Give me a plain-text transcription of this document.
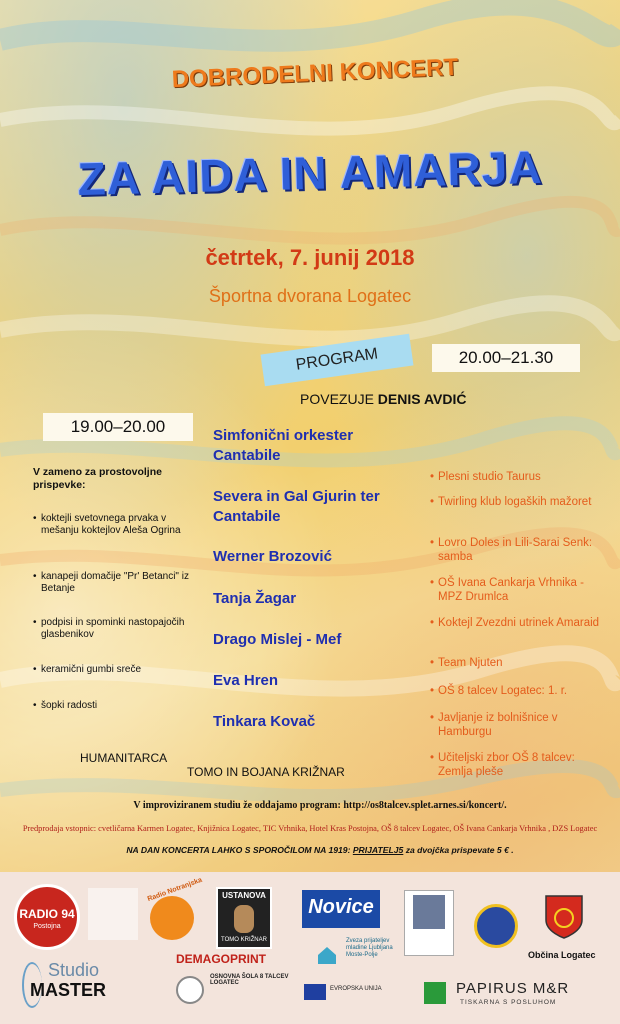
DOBRODELNI KONCERT
ZA AIDA IN AMARJA
četrtek, 7. junij 2018
Športna dvorana Logatec
PROGRAM	20.00–21.30
POVEZUJE DENIS AVDIĆ
19.00–20.00
V zameno za prostovoljne prispevke:
• koktejli svetovnega prvaka v mešanju koktejlov Aleša Ogrina
• kanapeji domačije "Pr' Betanci" iz Betanje
• podpisi in spominki nastopajočih glasbenikov
• keramični gumbi sreče
• šopki radosti
Simfonični orkester Cantabile
Severa in Gal Gjurin ter Cantabile
Werner Brozović
Tanja Žagar
Drago Mislej - Mef
Eva Hren
Tinkara Kovač
• Plesni studio Taurus
• Twirling klub logaških mažoret
• Lovro Doles in Lili-Sarai Senk: samba
• OŠ Ivana Cankarja Vrhnika - MPZ Drumlca
• Koktejl Zvezdni utrinek Amaraid
• Team Njuten
• OŠ 8 talcev Logatec: 1. r.
• Javljanje iz bolnišnice v Hamburgu
• Učiteljski zbor OŠ 8 talcev: Zemlja pleše
HUMANITARCA
TOMO IN BOJANA KRIŽNAR
V improviziranem studiu že oddajamo program: http://os8talcev.splet.arnes.si/koncert/.
Predprodaja vstopnic: cvetličarna Karmen Logatec, Knjižnica Logatec, TIC Vrhnika, Hotel Kras Postojna, OŠ 8 talcev Logatec, OŠ Ivana Cankarja Vrhnika , DZS Logatec
NA DAN KONCERTA LAHKO S SPOROČILOM NA 1919: PRIJATELJ5 za dvojčka prispevate 5 € .
RADIO 94
Postojna
Radio Notranjska	USTANOVA
TOMO KRIŽNAR
DEMAGOPRINT
Novice
Zveza prijateljev mladine Ljubljana Moste-Polje	Občina Logatec
Studio
MASTER
OSNOVNA ŠOLA 8 TALCEV LOGATEC
EVROPSKA UNIJA	PAPIRUS M&R
TISKARNA S POSLUHOM
